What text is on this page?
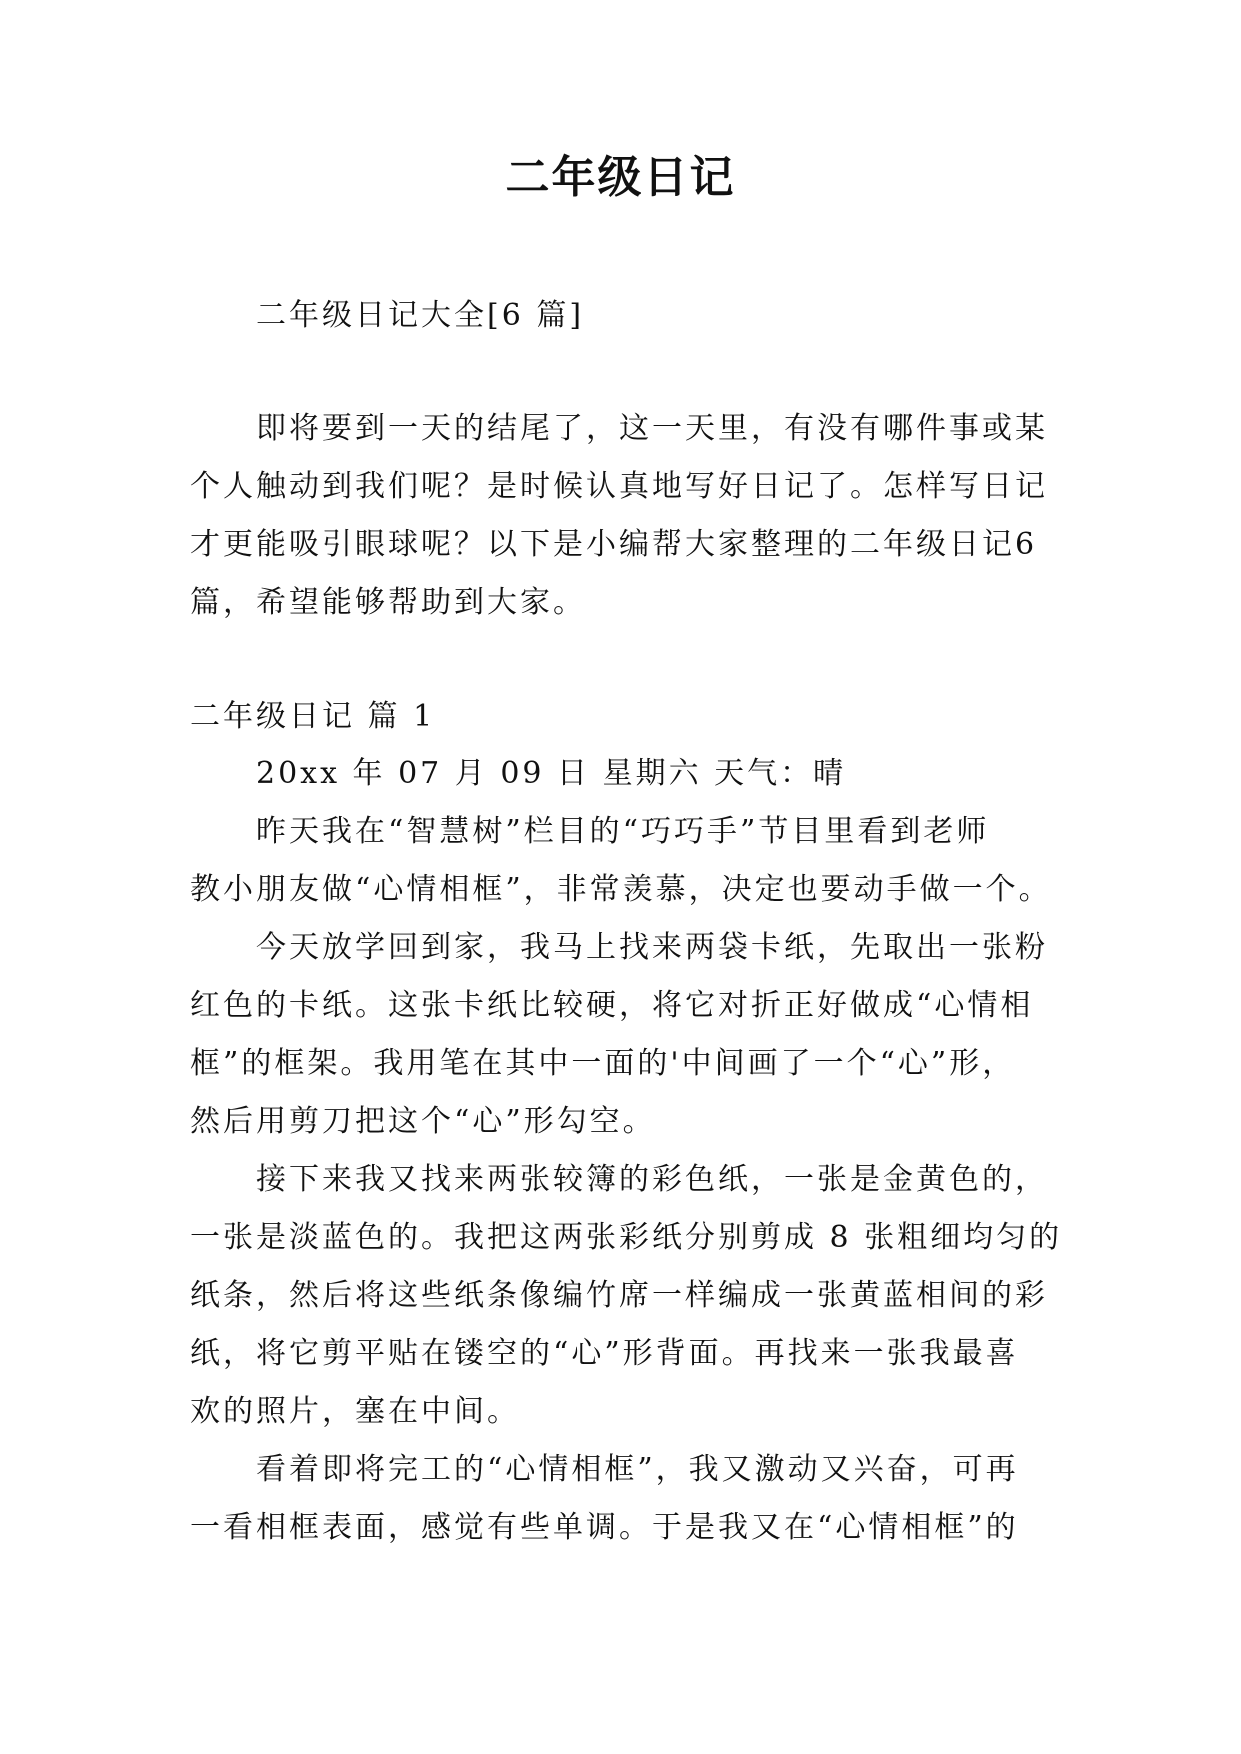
二年级日记
二年级日记大全[6 篇]
即将要到一天的结尾了，这一天里，有没有哪件事或某
个人触动到我们呢？是时候认真地写好日记了。怎样写日记
才更能吸引眼球呢？以下是小编帮大家整理的二年级日记6
篇，希望能够帮助到大家。
二年级日记 篇 1
20xx 年 07 月 09 日 星期六 天气：晴
昨天我在“智慧树”栏目的“巧巧手”节目里看到老师
教小朋友做“心情相框”，非常羡慕，决定也要动手做一个。
今天放学回到家，我马上找来两袋卡纸，先取出一张粉
红色的卡纸。这张卡纸比较硬，将它对折正好做成“心情相
框”的框架。我用笔在其中一面的'中间画了一个“心”形，
然后用剪刀把这个“心”形勾空。
接下来我又找来两张较簿的彩色纸，一张是金黄色的，
一张是淡蓝色的。我把这两张彩纸分别剪成 8 张粗细均匀的
纸条，然后将这些纸条像编竹席一样编成一张黄蓝相间的彩
纸，将它剪平贴在镂空的“心”形背面。再找来一张我最喜
欢的照片，塞在中间。
看着即将完工的“心情相框”，我又激动又兴奋，可再
一看相框表面，感觉有些单调。于是我又在“心情相框”的
